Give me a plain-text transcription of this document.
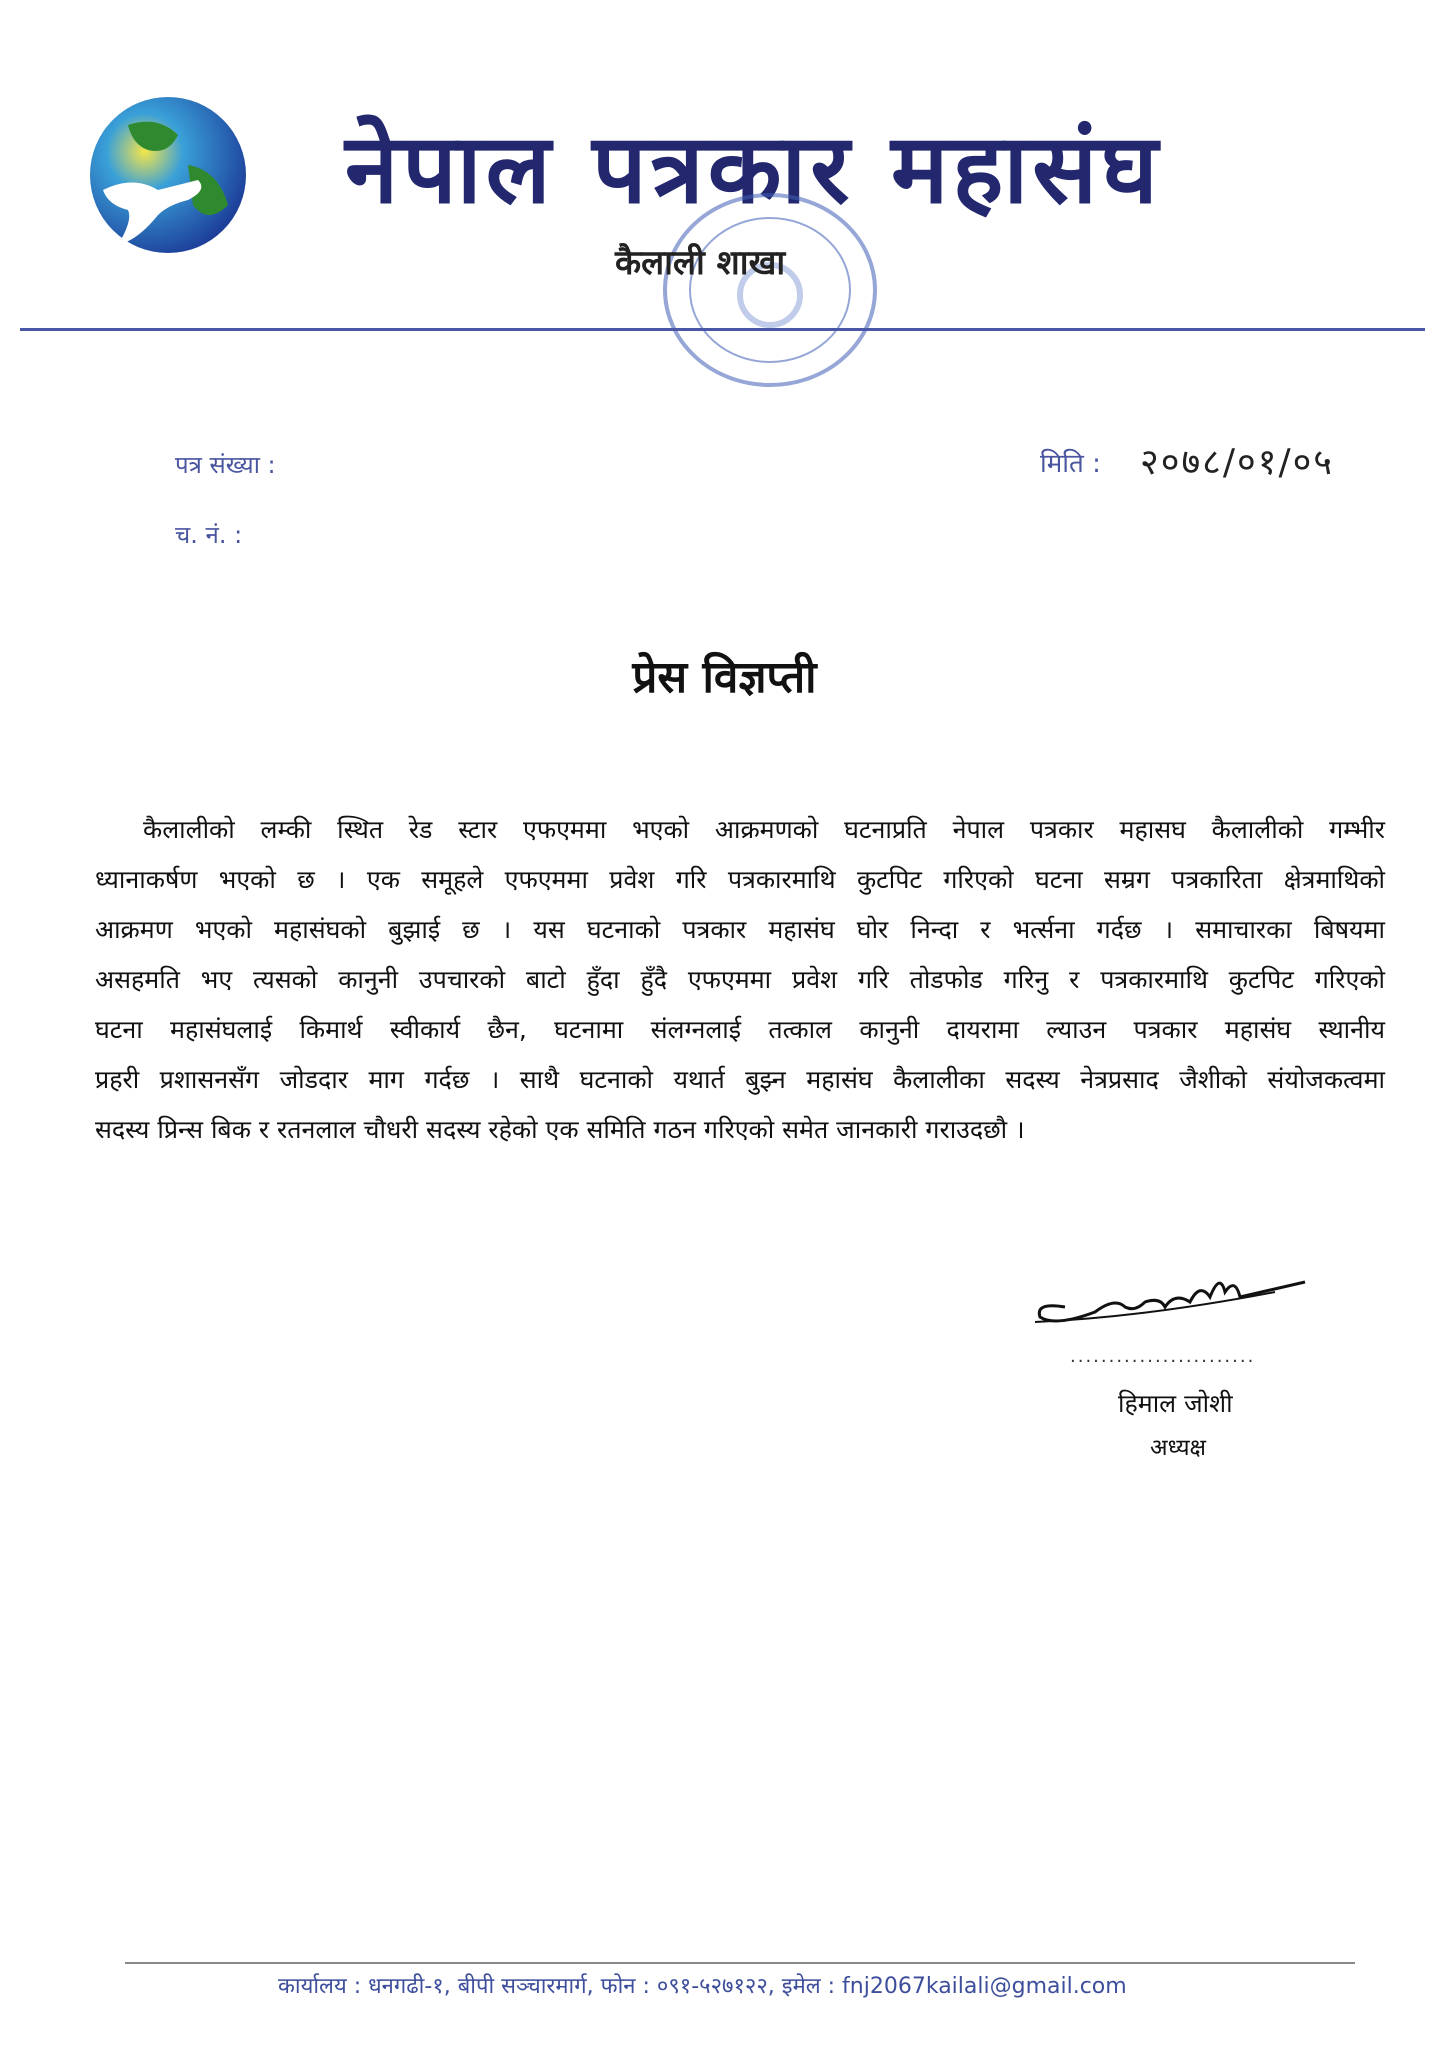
नेपाल पत्रकार महासंघ
कैलाली शाखा
पत्र संख्या :
च. नं. :
मिति : २०७८/०१/०५
प्रेस विज्ञप्ती
कैलालीको लम्की स्थित रेड स्टार एफएममा भएको आक्रमणको घटनाप्रति नेपाल पत्रकार महासघ कैलालीको गम्भीर
ध्यानाकर्षण भएको छ । एक समूहले एफएममा प्रवेश गरि पत्रकारमाथि कुटपिट गरिएको घटना सम्रग पत्रकारिता क्षेत्रमाथिको
आक्रमण भएको महासंघको बुझाई छ । यस घटनाको पत्रकार महासंघ घोर निन्दा र भर्त्सना गर्दछ । समाचारका बिषयमा
असहमति भए त्यसको कानुनी उपचारको बाटो हुँदा हुँदै एफएममा प्रवेश गरि तोडफोड गरिनु र पत्रकारमाथि कुटपिट गरिएको
घटना महासंघलाई किमार्थ स्वीकार्य छैन, घटनामा संलग्नलाई तत्काल कानुनी दायरामा ल्याउन पत्रकार महासंघ स्थानीय
प्रहरी प्रशासनसँग जोडदार माग गर्दछ । साथै घटनाको यथार्त बुझ्न महासंघ कैलालीका सदस्य नेत्रप्रसाद जैशीको संयोजकत्वमा
सदस्य प्रिन्स बिक र रतनलाल चौधरी सदस्य रहेको एक समिति गठन गरिएको समेत जानकारी गराउदछौ ।
........................
हिमाल जोशी
अध्यक्ष
कार्यालय : धनगढी-१, बीपी सञ्चारमार्ग, फोन : ०९१-५२७१२२, इमेल : fnj2067kailali@gmail.com
